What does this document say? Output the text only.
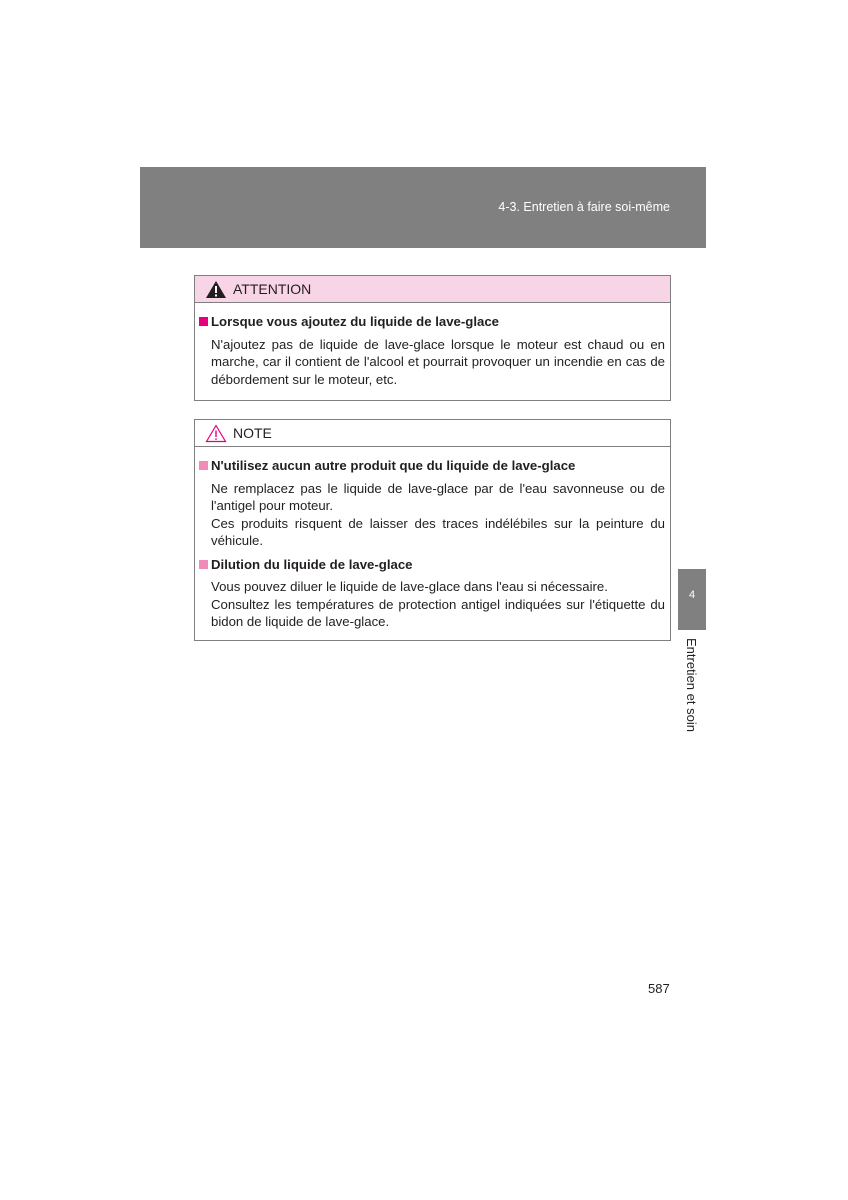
4-3. Entretien à faire soi-même
ATTENTION
Lorsque vous ajoutez du liquide de lave-glace
N'ajoutez pas de liquide de lave-glace lorsque le moteur est chaud ou en marche, car il contient de l'alcool et pourrait provoquer un incendie en cas de débordement sur le moteur, etc.
NOTE
N'utilisez aucun autre produit que du liquide de lave-glace
Ne remplacez pas le liquide de lave-glace par de l'eau savonneuse ou de l'antigel pour moteur.
Ces produits risquent de laisser des traces indélébiles sur la peinture du véhicule.
Dilution du liquide de lave-glace
Vous pouvez diluer le liquide de lave-glace dans l'eau si nécessaire.
Consultez les températures de protection antigel indiquées sur l'étiquette du bidon de liquide de lave-glace.
4
Entretien et soin
587
